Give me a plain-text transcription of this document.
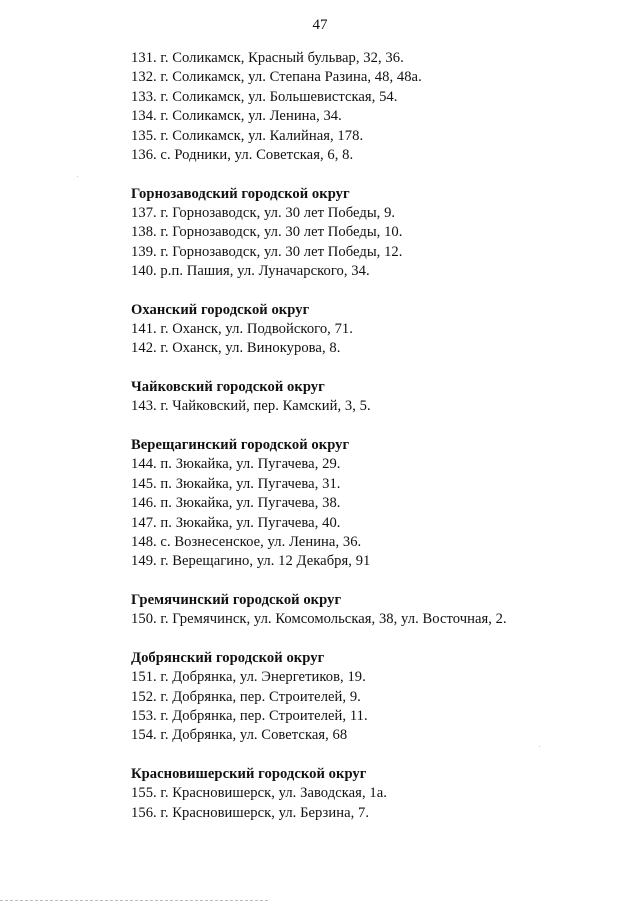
47
131. г. Соликамск, Красный бульвар, 32, 36.
132. г. Соликамск, ул. Степана Разина, 48, 48а.
133. г. Соликамск, ул. Большевистская, 54.
134. г. Соликамск, ул. Ленина, 34.
135. г. Соликамск, ул. Калийная, 178.
136. с. Родники, ул. Советская, 6, 8.
Горнозаводский городской округ
137. г. Горнозаводск, ул. 30 лет Победы, 9.
138. г. Горнозаводск, ул. 30 лет Победы, 10.
139. г. Горнозаводск, ул. 30 лет Победы, 12.
140. р.п. Пашия, ул. Луначарского, 34.
Оханский городской округ
141. г. Оханск, ул. Подвойского, 71.
142. г. Оханск, ул. Винокурова, 8.
Чайковский городской округ
143. г. Чайковский, пер. Камский, 3, 5.
Верещагинский городской округ
144. п. Зюкайка, ул. Пугачева, 29.
145. п. Зюкайка, ул. Пугачева, 31.
146. п. Зюкайка, ул. Пугачева, 38.
147. п. Зюкайка, ул. Пугачева, 40.
148. с. Вознесенское, ул. Ленина, 36.
149. г. Верещагино, ул. 12 Декабря, 91
Гремячинский городской округ
150. г. Гремячинск, ул. Комсомольская, 38, ул. Восточная, 2.
Добрянский городской округ
151. г. Добрянка, ул. Энергетиков, 19.
152. г. Добрянка, пер. Строителей, 9.
153. г. Добрянка, пер. Строителей, 11.
154. г. Добрянка, ул. Советская, 68
Красновишерский городской округ
155. г. Красновишерск, ул. Заводская, 1а.
156. г. Красновишерск, ул. Берзина, 7.
